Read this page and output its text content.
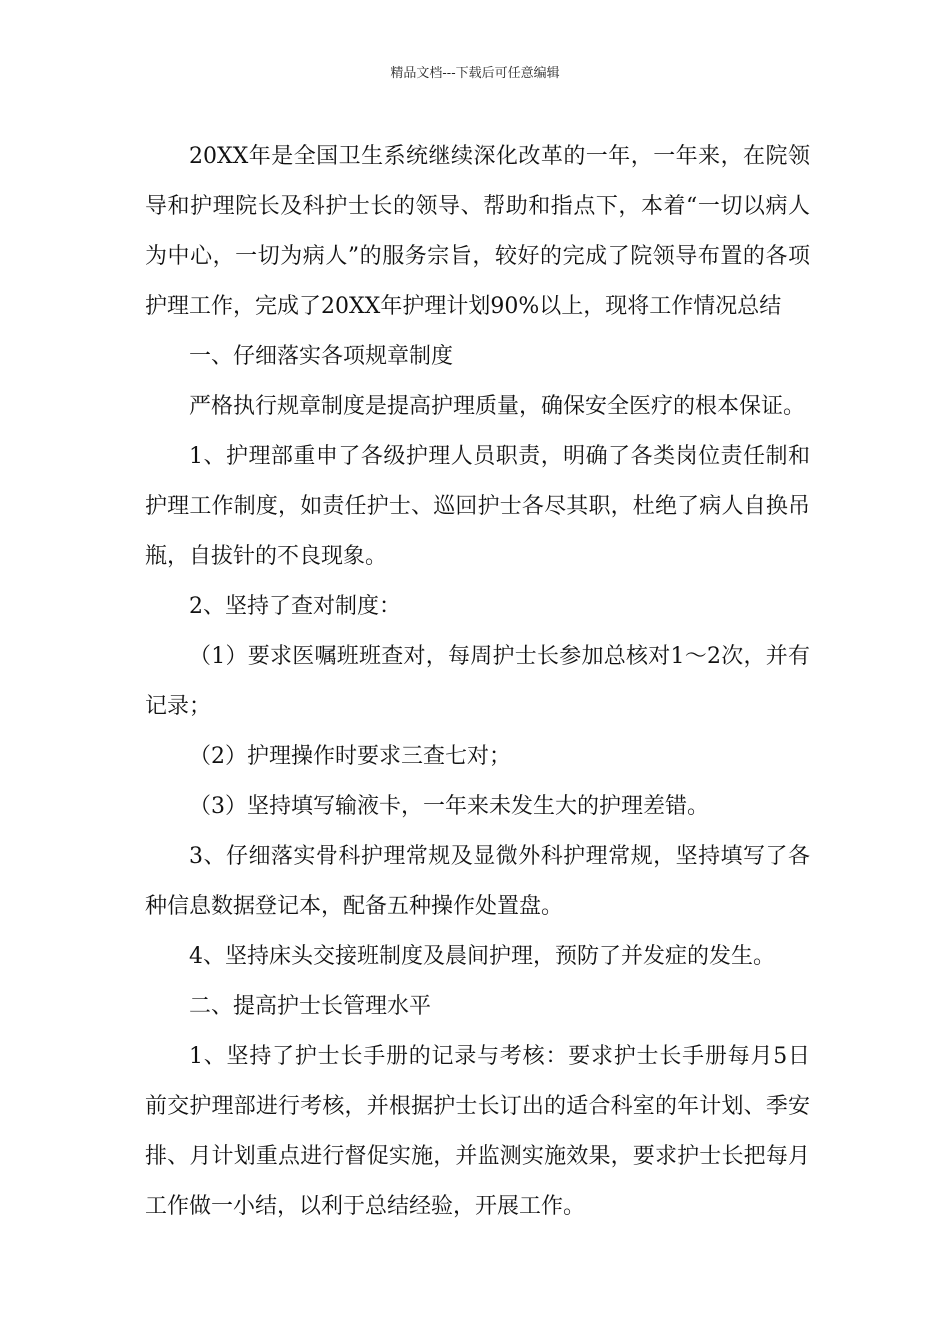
精品文档---下载后可任意编辑

20XX年是全国卫生系统继续深化改革的一年，一年来，在院领导和护理院长及科护士长的领导、帮助和指点下，本着“一切以病人为中心，一切为病人”的服务宗旨，较好的完成了院领导布置的各项护理工作，完成了20XX年护理计划90%以上，现将工作情况总结

一、仔细落实各项规章制度

严格执行规章制度是提高护理质量，确保安全医疗的根本保证。

1、护理部重申了各级护理人员职责，明确了各类岗位责任制和护理工作制度，如责任护士、巡回护士各尽其职，杜绝了病人自换吊瓶，自拔针的不良现象。

2、坚持了查对制度：

（1）要求医嘱班班查对，每周护士长参加总核对1～2次，并有记录；

（2）护理操作时要求三查七对；

（3）坚持填写输液卡，一年来未发生大的护理差错。

3、仔细落实骨科护理常规及显微外科护理常规，坚持填写了各种信息数据登记本，配备五种操作处置盘。

4、坚持床头交接班制度及晨间护理，预防了并发症的发生。

二、提高护士长管理水平

1、坚持了护士长手册的记录与考核：要求护士长手册每月5日前交护理部进行考核，并根据护士长订出的适合科室的年计划、季安排、月计划重点进行督促实施，并监测实施效果，要求护士长把每月工作做一小结，以利于总结经验，开展工作。
